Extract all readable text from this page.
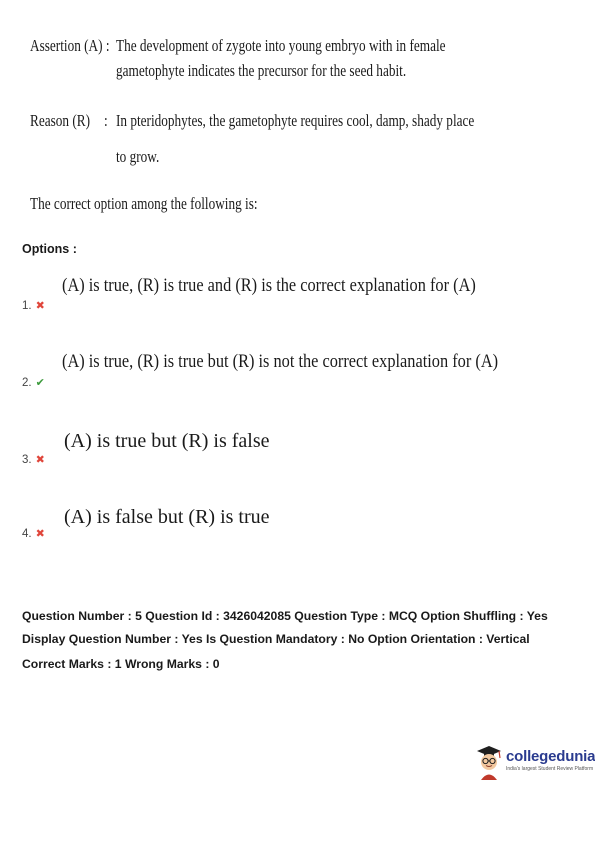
Assertion (A) : The development of zygote into young embryo with in female
gametophyte indicates the precursor for the seed habit.
Reason (R) : In pteridophytes, the gametophyte requires cool, damp, shady place
to grow.
The correct option among the following is:
Options :
(A) is true, (R) is true and (R) is the correct explanation for (A)
1. ✖
(A) is true, (R) is true but (R) is not the correct explanation for (A)
2. ✔
(A) is true but (R) is false
3. ✖
(A) is false but (R) is true
4. ✖
Question Number : 5 Question Id : 3426042085 Question Type : MCQ Option Shuffling : Yes
Display Question Number : Yes Is Question Mandatory : No Option Orientation : Vertical
Correct Marks : 1 Wrong Marks : 0
collegedunia
India's largest Student Review Platform
